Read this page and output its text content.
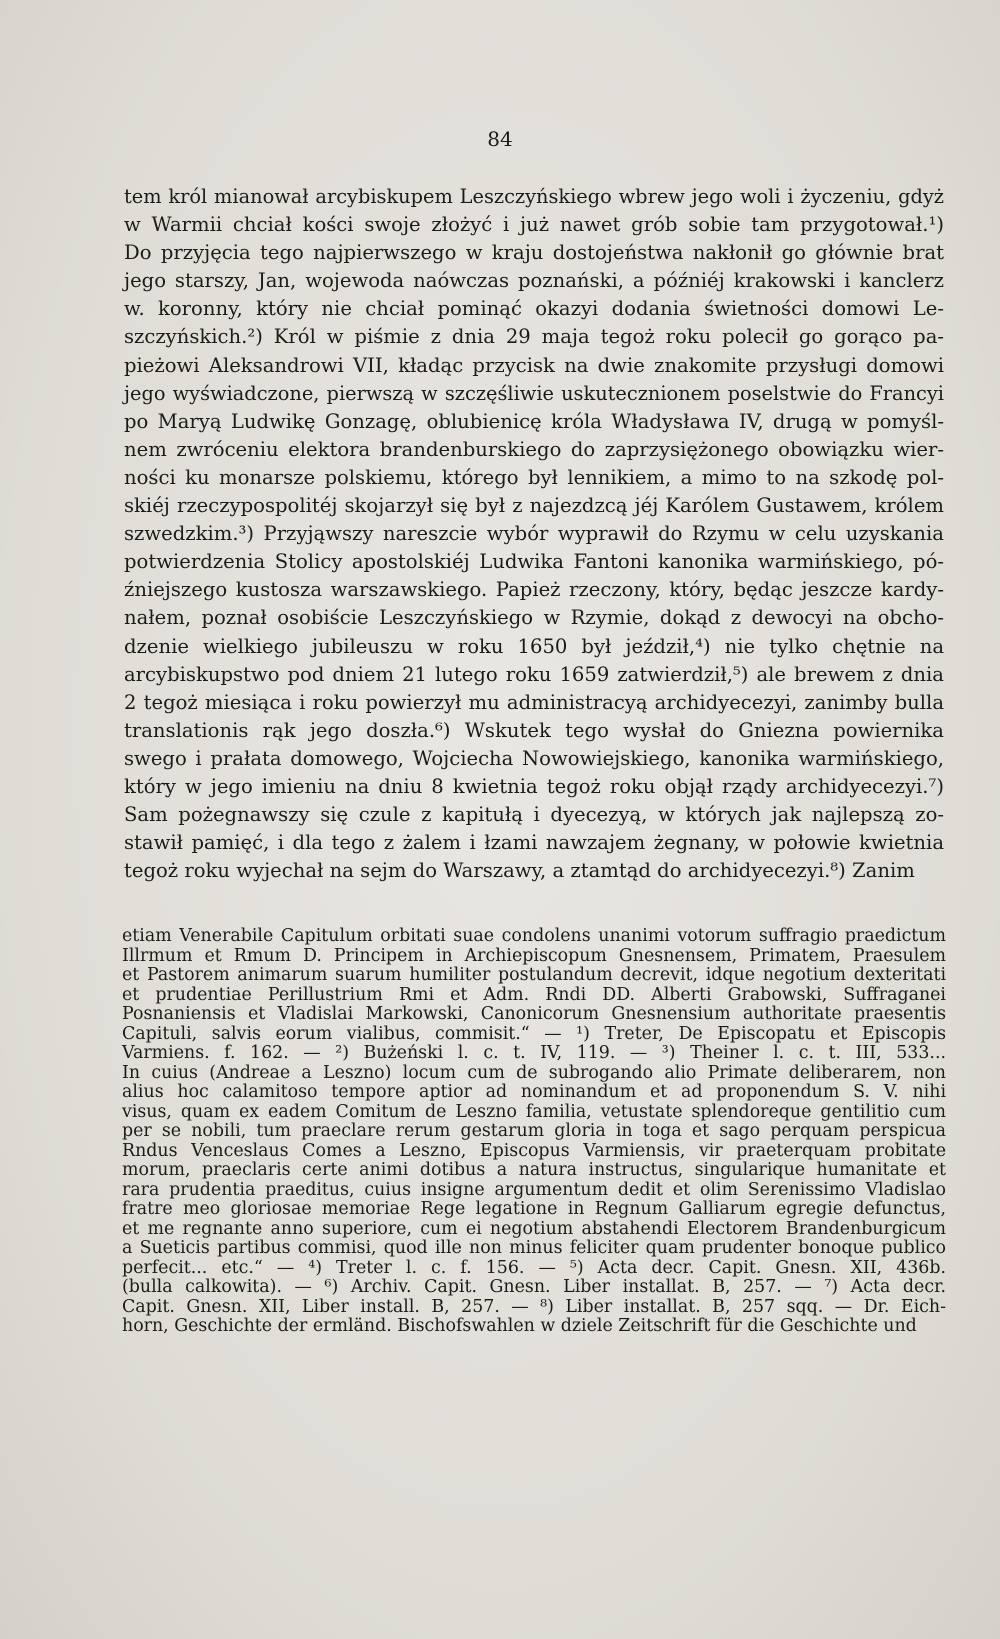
84
tem król mianował arcybiskupem Leszczyńskiego wbrew jego woli i życzeniu, gdyż
w Warmii chciał kości swoje złożyć i już nawet grób sobie tam przygotował.¹)
Do przyjęcia tego najpierwszego w kraju dostojeństwa nakłonił go głównie brat
jego starszy, Jan, wojewoda naówczas poznański, a późniéj krakowski i kanclerz
w. koronny, który nie chciał pominąć okazyi dodania świetności domowi Le-
szczyńskich.²) Król w piśmie z dnia 29 maja tegoż roku polecił go gorąco pa-
pieżowi Aleksandrowi VII, kładąc przycisk na dwie znakomite przysługi domowi
jego wyświadczone, pierwszą w szczęśliwie uskutecznionem poselstwie do Francyi
po Maryą Ludwikę Gonzagę, oblubienicę króla Władysława IV, drugą w pomyśl-
nem zwróceniu elektora brandenburskiego do zaprzysiężonego obowiązku wier-
ności ku monarsze polskiemu, którego był lennikiem, a mimo to na szkodę pol-
skiéj rzeczypospolitéj skojarzył się był z najezdzcą jéj Karólem Gustawem, królem
szwedzkim.³) Przyjąwszy nareszcie wybór wyprawił do Rzymu w celu uzyskania
potwierdzenia Stolicy apostolskiéj Ludwika Fantoni kanonika warmińskiego, pó-
źniejszego kustosza warszawskiego. Papież rzeczony, który, będąc jeszcze kardy-
nałem, poznał osobiście Leszczyńskiego w Rzymie, dokąd z dewocyi na obcho-
dzenie wielkiego jubileuszu w roku 1650 był jeździł,⁴) nie tylko chętnie na
arcybiskupstwo pod dniem 21 lutego roku 1659 zatwierdził,⁵) ale brewem z dnia
2 tegoż miesiąca i roku powierzył mu administracyą archidyecezyi, zanimby bulla
translationis rąk jego doszła.⁶) Wskutek tego wysłał do Gniezna powiernika
swego i prałata domowego, Wojciecha Nowowiejskiego, kanonika warmińskiego,
który w jego imieniu na dniu 8 kwietnia tegoż roku objął rządy archidyecezyi.⁷)
Sam pożegnawszy się czule z kapitułą i dyecezyą, w których jak najlepszą zo-
stawił pamięć, i dla tego z żalem i łzami nawzajem żegnany, w połowie kwietnia
tegoż roku wyjechał na sejm do Warszawy, a ztamtąd do archidyecezyi.⁸) Zanim
etiam Venerabile Capitulum orbitati suae condolens unanimi votorum suffragio praedictum
Illrmum et Rmum D. Principem in Archiepiscopum Gnesnensem, Primatem, Praesulem
et Pastorem animarum suarum humiliter postulandum decrevit, idque negotium dexteritati
et prudentiae Perillustrium Rmi et Adm. Rndi DD. Alberti Grabowski, Suffraganei
Posnaniensis et Vladislai Markowski, Canonicorum Gnesnensium authoritate praesentis
Capituli, salvis eorum vialibus, commisit.“ — ¹) Treter, De Episcopatu et Episcopis
Varmiens. f. 162. — ²) Bużeński l. c. t. IV, 119. — ³) Theiner l. c. t. III, 533...
In cuius (Andreae a Leszno) locum cum de subrogando alio Primate deliberarem, non
alius hoc calamitoso tempore aptior ad nominandum et ad proponendum S. V. nihi
visus, quam ex eadem Comitum de Leszno familia, vetustate splendoreque gentilitio cum
per se nobili, tum praeclare rerum gestarum gloria in toga et sago perquam perspicua
Rndus Venceslaus Comes a Leszno, Episcopus Varmiensis, vir praeterquam probitate
morum, praeclaris certe animi dotibus a natura instructus, singularique humanitate et
rara prudentia praeditus, cuius insigne argumentum dedit et olim Serenissimo Vladislao
fratre meo gloriosae memoriae Rege legatione in Regnum Galliarum egregie defunctus,
et me regnante anno superiore, cum ei negotium abstahendi Electorem Brandenburgicum
a Sueticis partibus commisi, quod ille non minus feliciter quam prudenter bonoque publico
perfecit... etc.“ — ⁴) Treter l. c. f. 156. — ⁵) Acta decr. Capit. Gnesn. XII, 436b.
(bulla calkowita). — ⁶) Archiv. Capit. Gnesn. Liber installat. B, 257. — ⁷) Acta decr.
Capit. Gnesn. XII, Liber install. B, 257. — ⁸) Liber installat. B, 257 sqq. — Dr. Eich-
horn, Geschichte der ermländ. Bischofswahlen w dziele Zeitschrift für die Geschichte und
